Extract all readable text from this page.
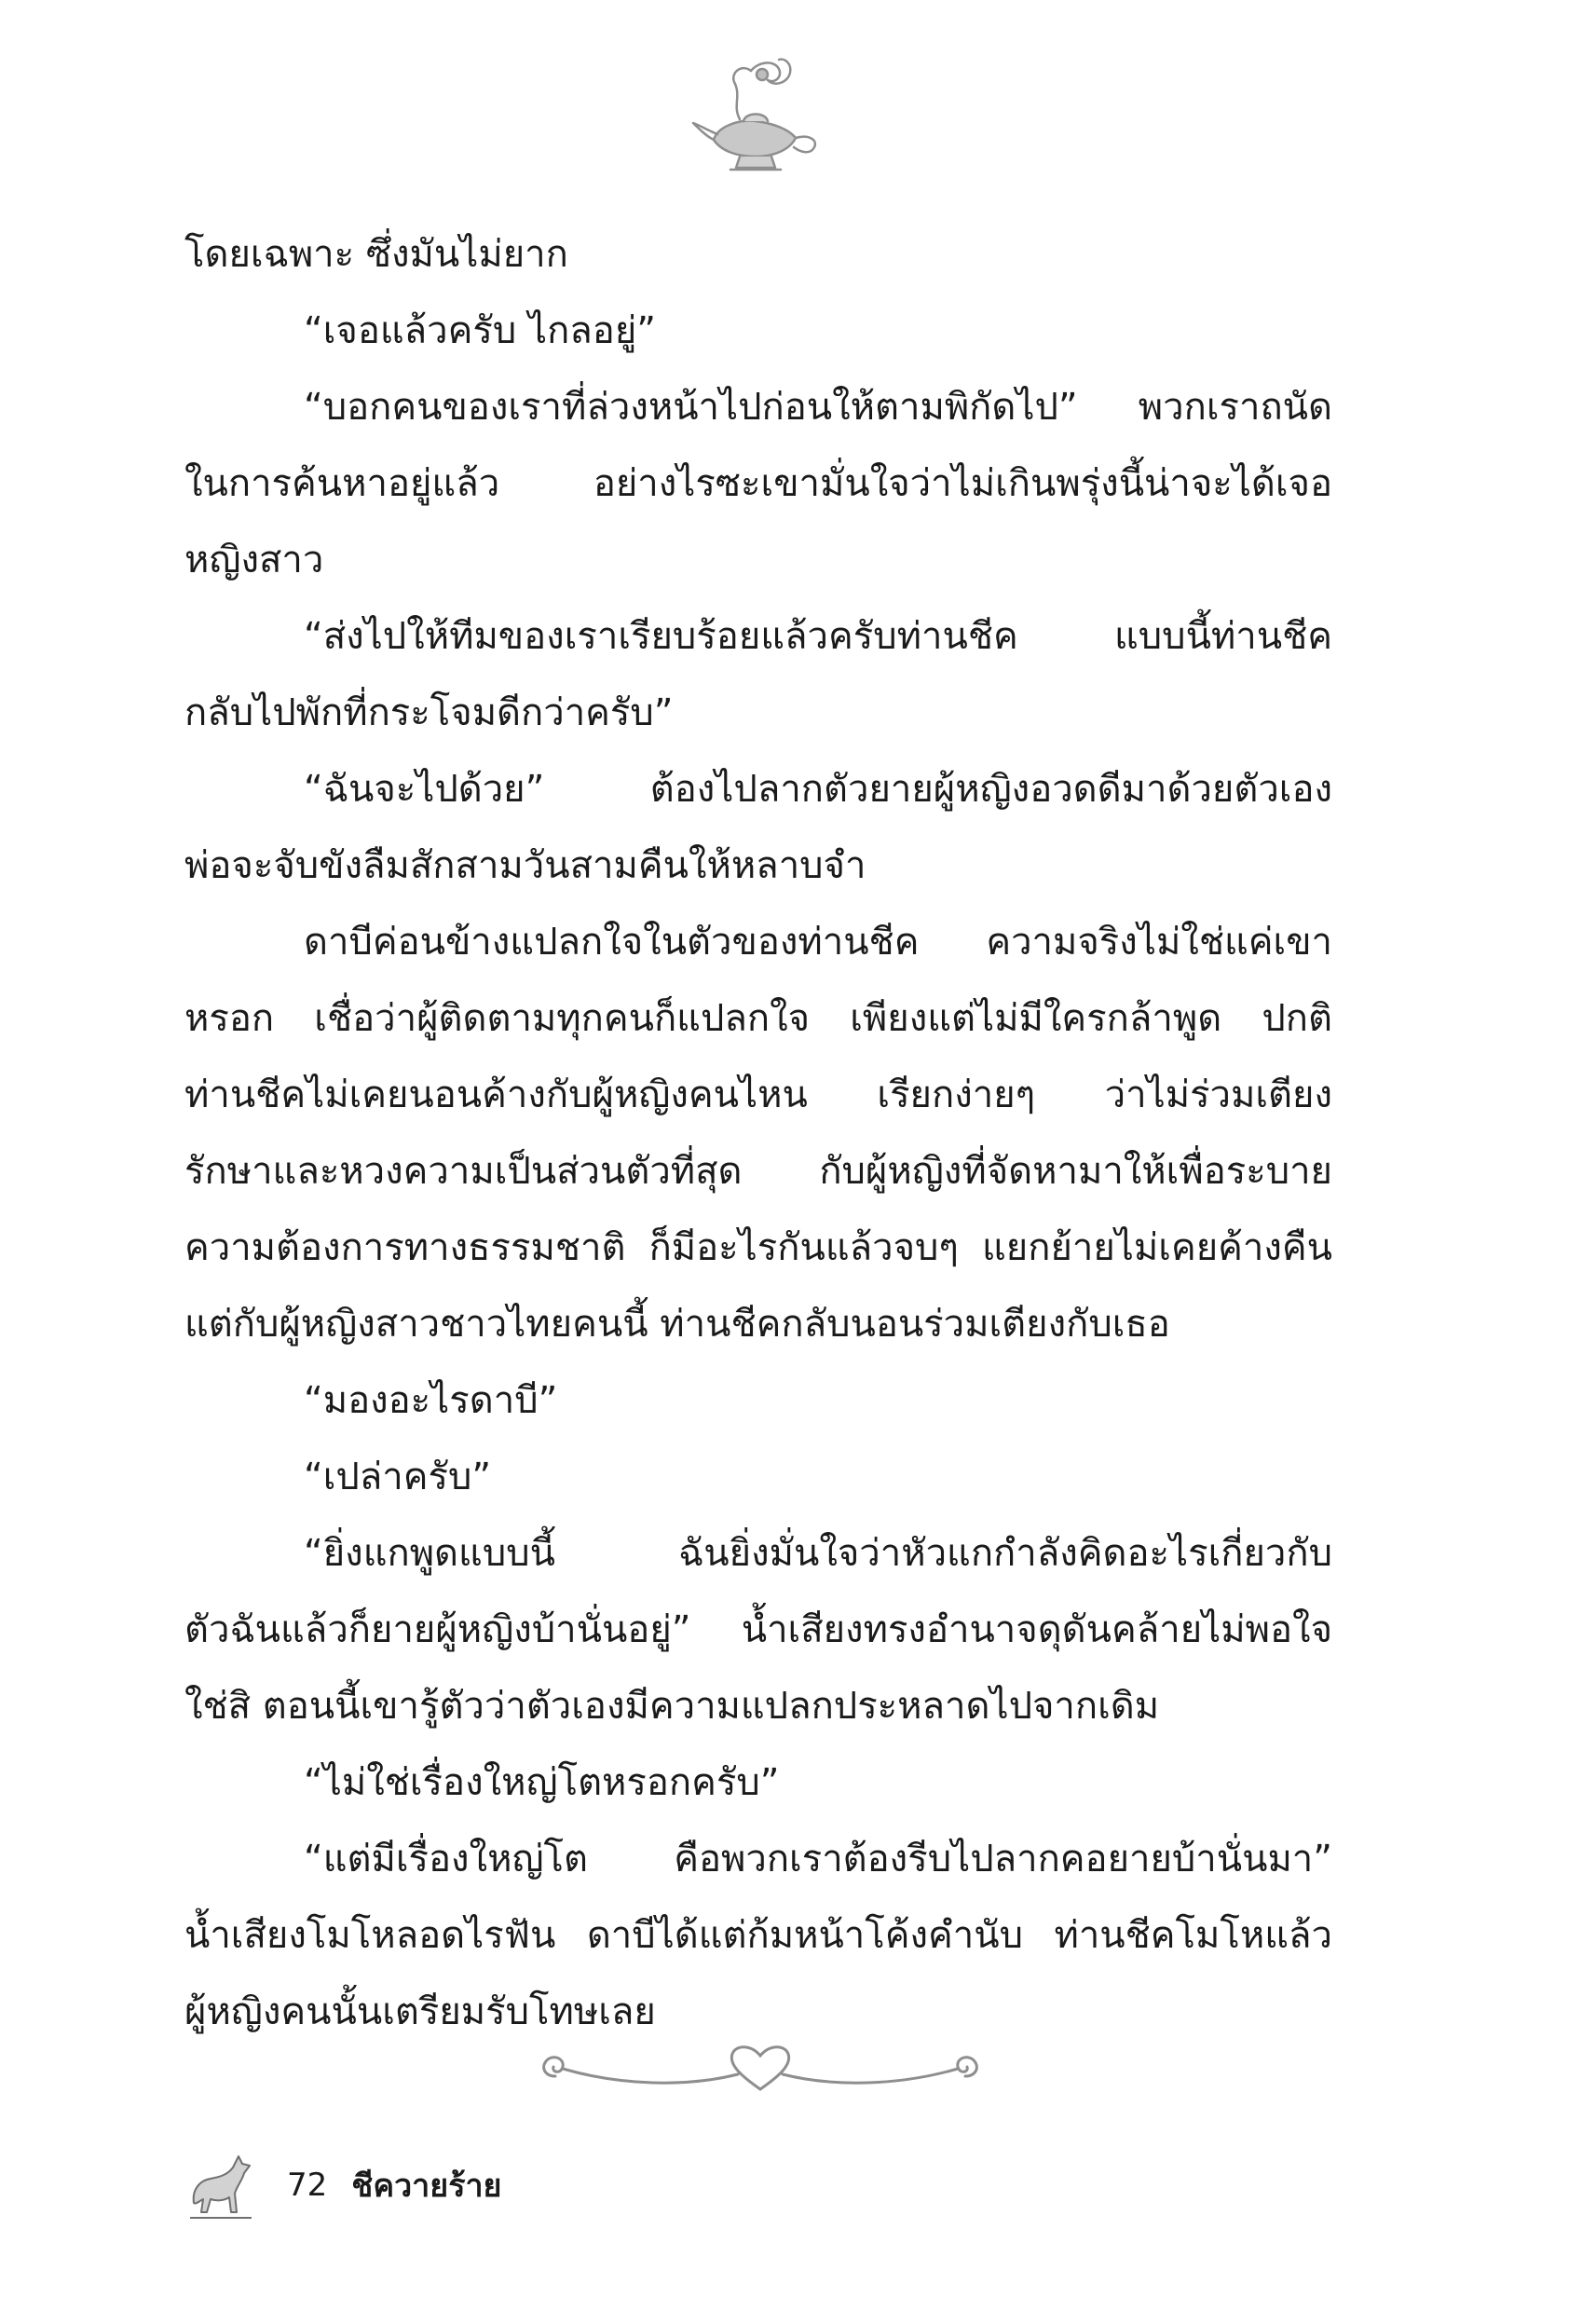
โดยเฉพาะ ซึ่งมันไม่ยาก
“เจอแล้วครับ ไกลอยู่”
“บอกคนของเราที่ล่วงหน้าไปก่อนให้ตามพิกัดไป” พวกเราถนัด
ในการค้นหาอยู่แล้ว อย่างไรซะเขามั่นใจว่าไม่เกินพรุ่งนี้น่าจะได้เจอ
หญิงสาว
“ส่งไปให้ทีมของเราเรียบร้อยแล้วครับท่านชีค แบบนี้ท่านชีค
กลับไปพักที่กระโจมดีกว่าครับ”
“ฉันจะไปด้วย” ต้องไปลากตัวยายผู้หญิงอวดดีมาด้วยตัวเอง
พ่อจะจับขังลืมสักสามวันสามคืนให้หลาบจำ
ดาบีค่อนข้างแปลกใจในตัวของท่านชีค ความจริงไม่ใช่แค่เขา
หรอก เชื่อว่าผู้ติดตามทุกคนก็แปลกใจ เพียงแต่ไม่มีใครกล้าพูด ปกติ
ท่านชีคไม่เคยนอนค้างกับผู้หญิงคนไหน เรียกง่ายๆ ว่าไม่ร่วมเตียง
รักษาและหวงความเป็นส่วนตัวที่สุด กับผู้หญิงที่จัดหามาให้เพื่อระบาย
ความต้องการทางธรรมชาติ ก็มีอะไรกันแล้วจบๆ แยกย้ายไม่เคยค้างคืน
แต่กับผู้หญิงสาวชาวไทยคนนี้ ท่านชีคกลับนอนร่วมเตียงกับเธอ
“มองอะไรดาบี”
“เปล่าครับ”
“ยิ่งแกพูดแบบนี้ ฉันยิ่งมั่นใจว่าหัวแกกำลังคิดอะไรเกี่ยวกับ
ตัวฉันแล้วก็ยายผู้หญิงบ้านั่นอยู่” น้ำเสียงทรงอำนาจดุดันคล้ายไม่พอใจ
ใช่สิ ตอนนี้เขารู้ตัวว่าตัวเองมีความแปลกประหลาดไปจากเดิม
“ไม่ใช่เรื่องใหญ่โตหรอกครับ”
“แต่มีเรื่องใหญ่โต คือพวกเราต้องรีบไปลากคอยายบ้านั่นมา”
น้ำเสียงโมโหลอดไรฟัน ดาบีได้แต่ก้มหน้าโค้งคำนับ ท่านชีคโมโหแล้ว
ผู้หญิงคนนั้นเตรียมรับโทษเลย
72 ชีควายร้าย
